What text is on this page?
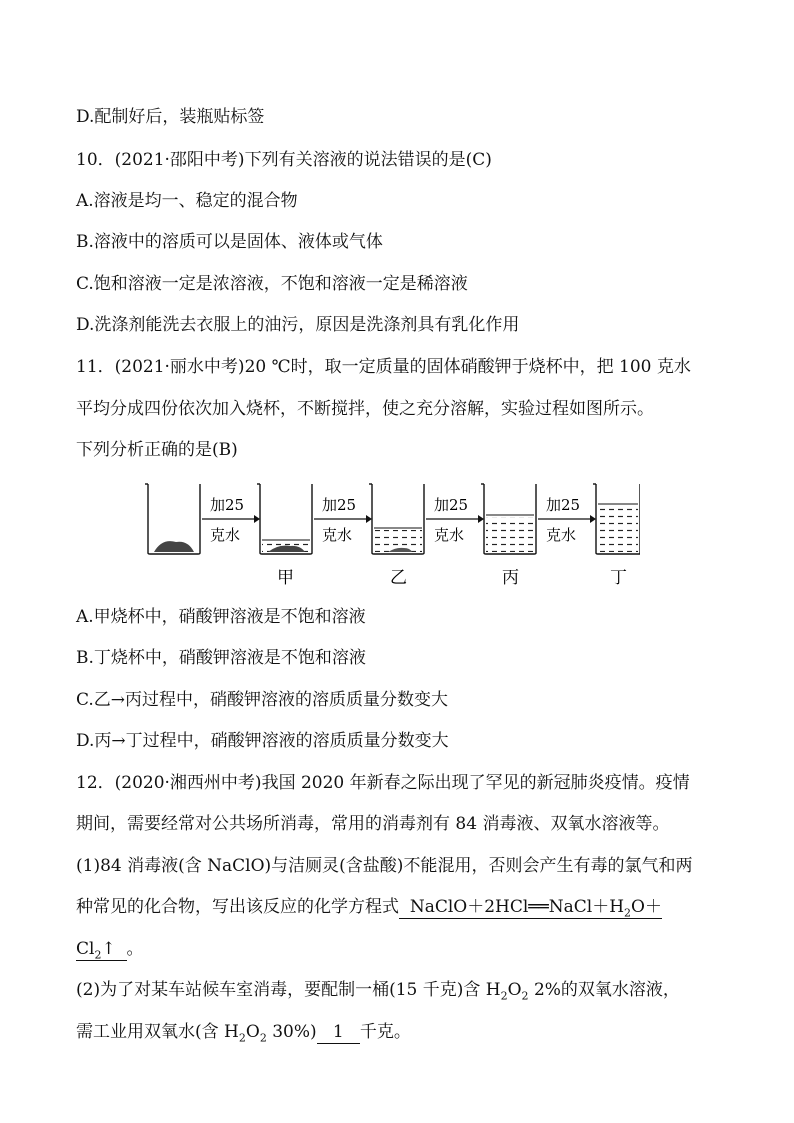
D.配制好后，装瓶贴标签
10．(2021·邵阳中考)下列有关溶液的说法错误的是(C)
A.溶液是均一、稳定的混合物
B.溶液中的溶质可以是固体、液体或气体
C.饱和溶液一定是浓溶液，不饱和溶液一定是稀溶液
D.洗涤剂能洗去衣服上的油污，原因是洗涤剂具有乳化作用
11．(2021·丽水中考)20 ℃时，取一定质量的固体硝酸钾于烧杯中，把 100 克水
平均分成四份依次加入烧杯，不断搅拌，使之充分溶解，实验过程如图所示。
下列分析正确的是(B)
加25
克水
甲
加25
克水
乙
加25
克水
丙
加25
克水
丁
A.甲烧杯中，硝酸钾溶液是不饱和溶液
B.丁烧杯中，硝酸钾溶液是不饱和溶液
C.乙→丙过程中，硝酸钾溶液的溶质质量分数变大
D.丙→丁过程中，硝酸钾溶液的溶质质量分数变大
12．(2020·湘西州中考)我国 2020 年新春之际出现了罕见的新冠肺炎疫情。疫情
期间，需要经常对公共场所消毒，常用的消毒剂有 84 消毒液、双氧水溶液等。
(1)84 消毒液(含 NaClO)与洁厕灵(含盐酸)不能混用，否则会产生有毒的氯气和两
种常见的化合物，写出该反应的化学方程式 $NaClO+2HCl══NaCl+H_2O+$
$Cl_2↑$ 。
(2)为了对某车站候车室消毒，要配制一桶(15 千克)含 $H_2O_2$ 2%的双氧水溶液，
需工业用双氧水(含 $H_2O_2$ 30%) 1 千克。
